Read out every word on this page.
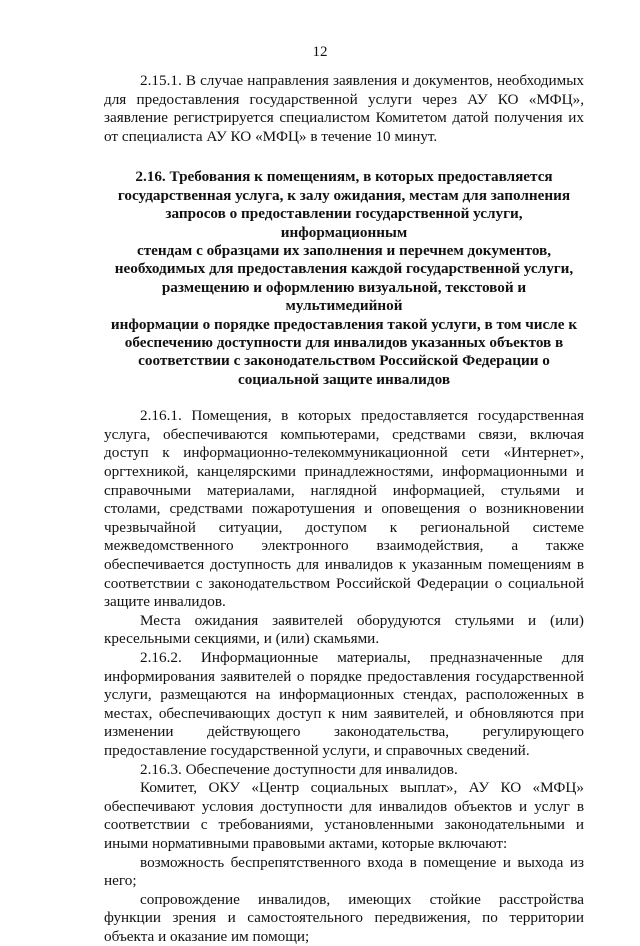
12

2.15.1. В случае направления заявления и документов, необходимых для предоставления государственной услуги через АУ КО «МФЦ», заявление регистрируется специалистом Комитетом датой получения их от специалиста АУ КО «МФЦ» в течение 10 минут.

2.16. Требования к помещениям, в которых предоставляется
государственная услуга, к залу ожидания, местам для заполнения
запросов о предоставлении государственной услуги, информационным
стендам с образцами их заполнения и перечнем документов,
необходимых для предоставления каждой государственной услуги,
размещению и оформлению визуальной, текстовой и мультимедийной
информации о порядке предоставления такой услуги, в том числе к
обеспечению доступности для инвалидов указанных объектов в
соответствии с законодательством Российской Федерации о
социальной защите инвалидов

2.16.1. Помещения, в которых предоставляется государственная услуга, обеспечиваются компьютерами, средствами связи, включая доступ к информационно-телекоммуникационной сети «Интернет», оргтехникой, канцелярскими принадлежностями, информационными и справочными материалами, наглядной информацией, стульями и столами, средствами пожаротушения и оповещения о возникновении чрезвычайной ситуации, доступом к региональной системе межведомственного электронного взаимодействия, а также обеспечивается доступность для инвалидов к указанным помещениям в соответствии с законодательством Российской Федерации о социальной защите инвалидов.

Места ожидания заявителей оборудуются стульями и (или) кресельными секциями, и (или) скамьями.

2.16.2. Информационные материалы, предназначенные для информирования заявителей о порядке предоставления государственной услуги, размещаются на информационных стендах, расположенных в местах, обеспечивающих доступ к ним заявителей, и обновляются при изменении действующего законодательства, регулирующего предоставление государственной услуги, и справочных сведений.

2.16.3. Обеспечение доступности для инвалидов.

Комитет, ОКУ «Центр социальных выплат», АУ КО «МФЦ» обеспечивают условия доступности для инвалидов объектов и услуг в соответствии с требованиями, установленными законодательными и иными нормативными правовыми актами, которые включают:

возможность беспрепятственного входа в помещение и выхода из него;

сопровождение инвалидов, имеющих стойкие расстройства функции зрения и самостоятельного передвижения, по территории объекта и оказание им помощи;
